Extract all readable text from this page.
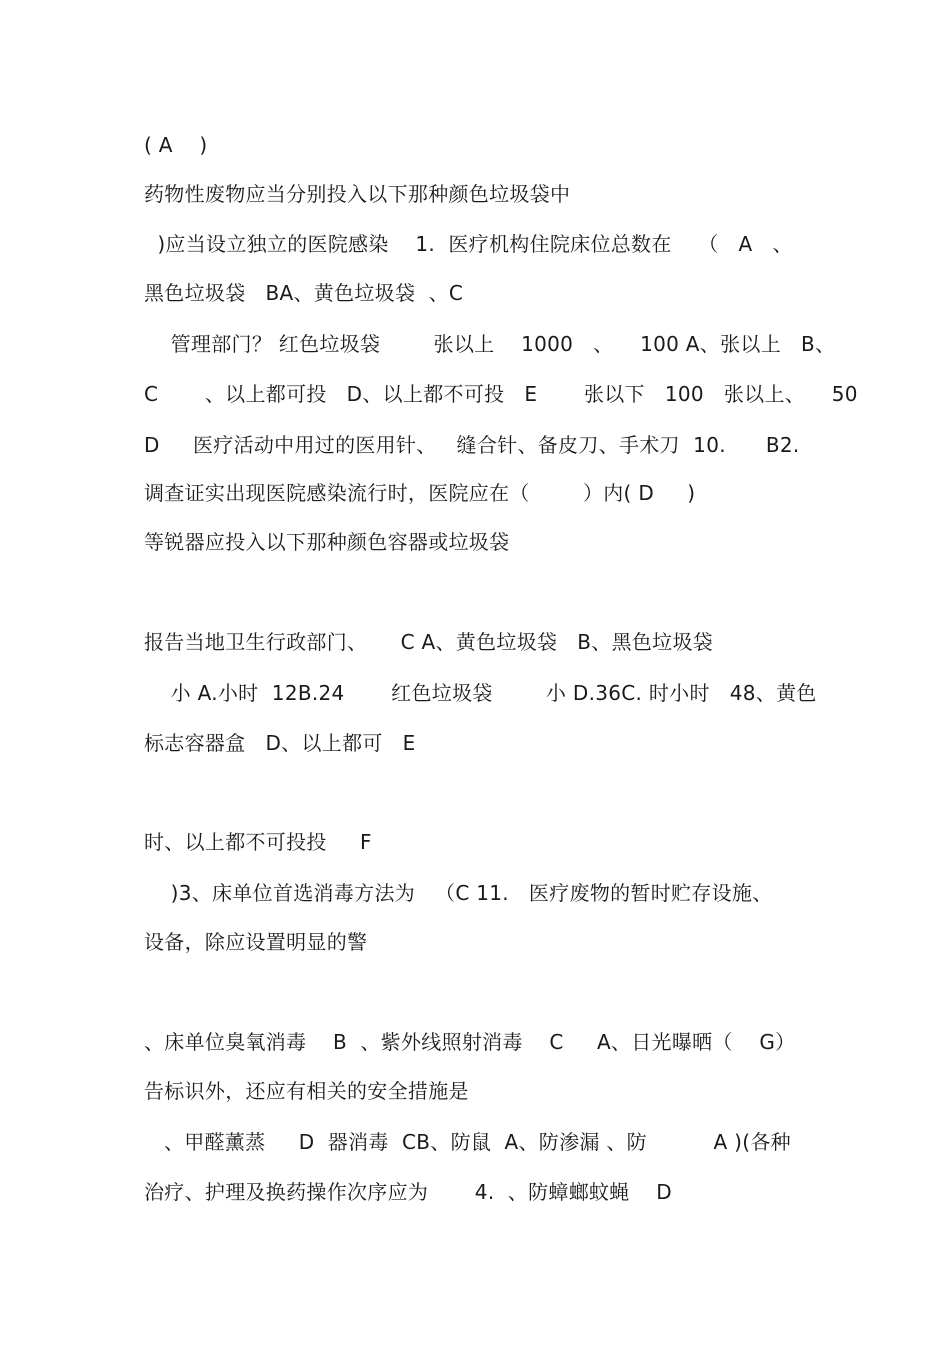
( A    )
药物性废物应当分别投入以下那种颜色垃圾袋中
)应当设立独立的医院感染    1.  医疗机构住院床位总数在    （   A   、
黑色垃圾袋   BA、黄色垃圾袋  、C
管理部门？ 红色垃圾袋        张以上    1000   、    100 A、张以上   B、
C       、以上都可投   D、以上都不可投   E       张以下   100   张以上、    50
D     医疗活动中用过的医用针、   缝合针、备皮刀、手术刀  10.      B2.
调查证实出现医院感染流行时，医院应在（        ）内( D     )
等锐器应投入以下那种颜色容器或垃圾袋
报告当地卫生行政部门、     C A、黄色垃圾袋   B、黑色垃圾袋
小 A.小时  12B.24       红色垃圾袋        小 D.36C. 时小时   48、黄色
标志容器盒   D、以上都可   E
时、以上都不可投投     F
)3、床单位首选消毒方法为   （C 11.   医疗废物的暂时贮存设施、
设备，除应设置明显的警
、床单位臭氧消毒    B  、紫外线照射消毒    C     A、日光曝晒（    G）
告标识外，还应有相关的安全措施是
、甲醛薰蒸     D  器消毒  CB、防鼠  A、防渗漏 、防          A )(各种
治疗、护理及换药操作次序应为       4.  、防蟑螂蚊蝇    D
